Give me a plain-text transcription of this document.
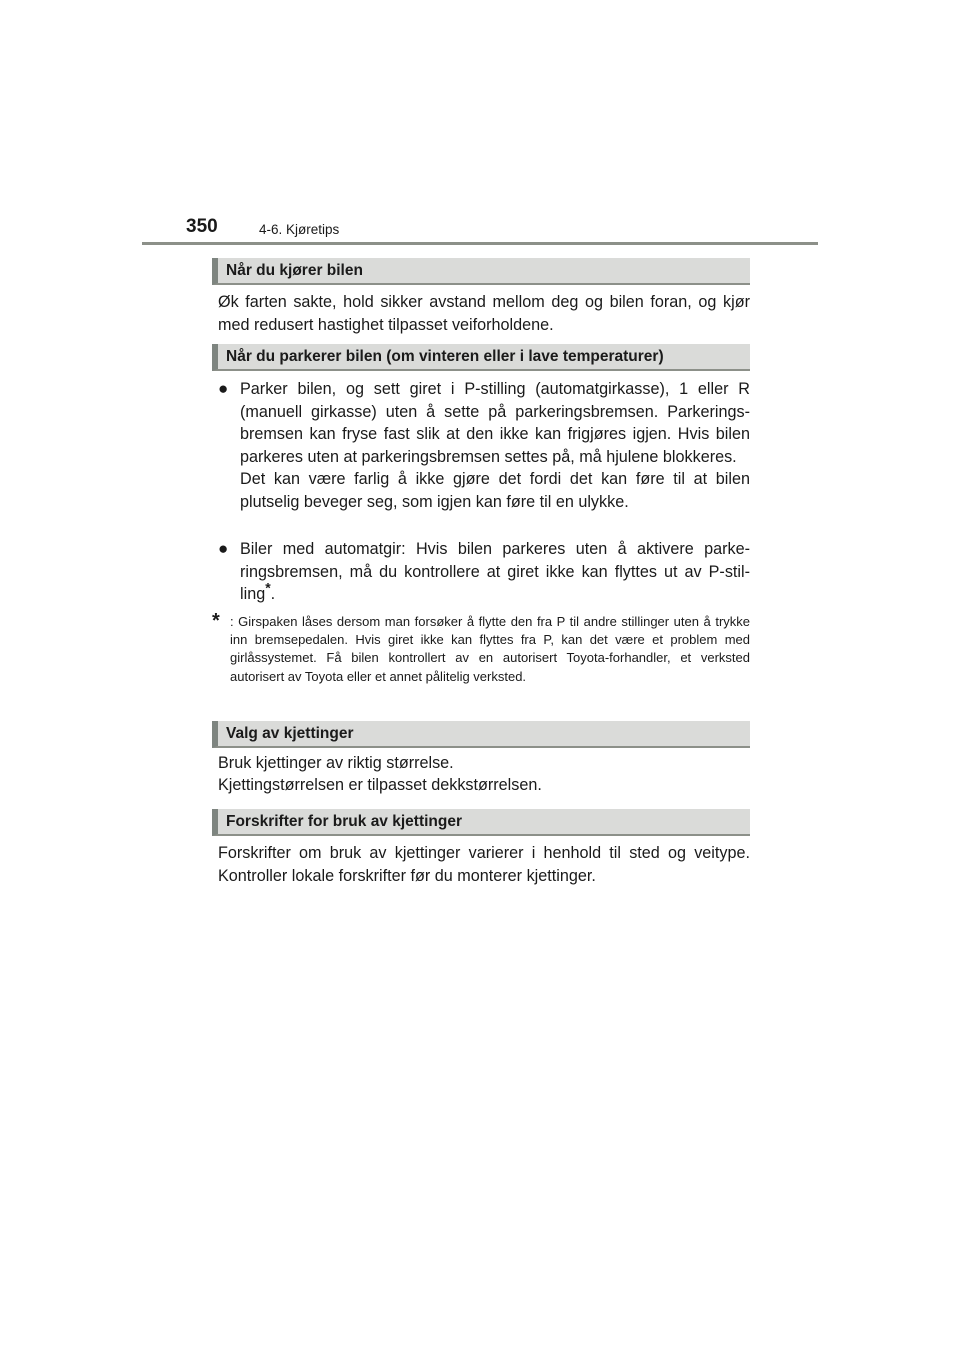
350	4-6. Kjøretips
Når du kjører bilen

Øk farten sakte, hold sikker avstand mellom deg og bilen foran, og kjør med redusert hastighet tilpasset veiforholdene.

Når du parkerer bilen (om vinteren eller i lave temperaturer)
● Parker bilen, og sett giret i P-stilling (automatgirkasse), 1 eller R (manuell girkasse) uten å sette på parkeringsbremsen. Parkeringsbremsen kan fryse fast slik at den ikke kan frigjøres igjen. Hvis bilen parkeres uten at parkeringsbremsen settes på, må hjulene blokkeres.

Det kan være farlig å ikke gjøre det fordi det kan føre til at bilen plutselig beveger seg, som igjen kan føre til en ulykke.

● Biler med automatgir: Hvis bilen parkeres uten å aktivere parkeringsbremsen, må du kontrollere at giret ikke kan flyttes ut av P-stilling*.

* : Girspaken låses dersom man forsøker å flytte den fra P til andre stillinger uten å trykke inn bremsepedalen. Hvis giret ikke kan flyttes fra P, kan det være et problem med girlåssystemet. Få bilen kontrollert av en autorisert Toyota-forhandler, et verksted autorisert av Toyota eller et annet pålitelig verksted.
Valg av kjettinger

Bruk kjettinger av riktig størrelse.

Kjettingstørrelsen er tilpasset dekkstørrelsen.

Forskrifter for bruk av kjettinger

Forskrifter om bruk av kjettinger varierer i henhold til sted og veitype. Kontroller lokale forskrifter før du monterer kjettinger.
